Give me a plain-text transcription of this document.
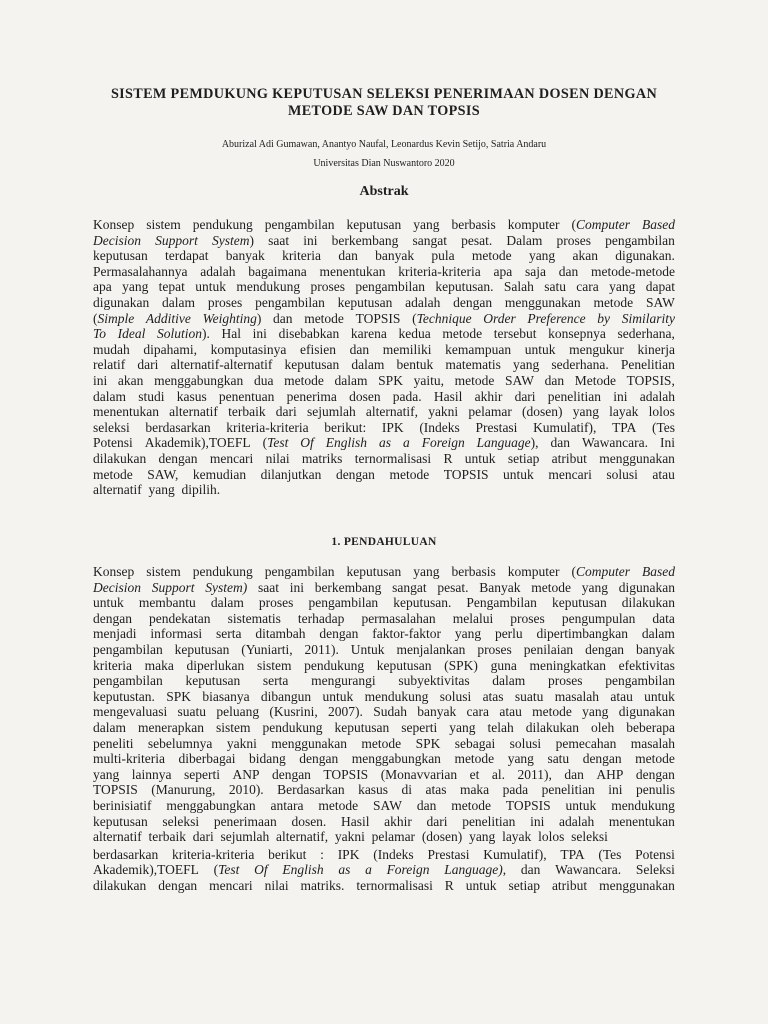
SISTEM PEMDUKUNG KEPUTUSAN SELEKSI PENERIMAAN DOSEN DENGAN
METODE SAW DAN TOPSIS
Aburizal Adi Gumawan, Anantyo Naufal, Leonardus Kevin Setijo, Satria Andaru
Universitas Dian Nuswantoro 2020
Abstrak
Konsep sistem pendukung pengambilan keputusan yang berbasis komputer (Computer Based
Decision Support System) saat ini berkembang sangat pesat. Dalam proses pengambilan
keputusan terdapat banyak kriteria dan banyak pula metode yang akan digunakan.
Permasalahannya adalah bagaimana menentukan kriteria-kriteria apa saja dan metode-metode
apa yang tepat untuk mendukung proses pengambilan keputusan. Salah satu cara yang dapat
digunakan dalam proses pengambilan keputusan adalah dengan menggunakan metode SAW
(Simple Additive Weighting) dan metode TOPSIS (Technique Order Preference by Similarity
To Ideal Solution). Hal ini disebabkan karena kedua metode tersebut konsepnya sederhana,
mudah dipahami, komputasinya efisien dan memiliki kemampuan untuk mengukur kinerja
relatif dari alternatif-alternatif keputusan dalam bentuk matematis yang sederhana. Penelitian
ini akan menggabungkan dua metode dalam SPK yaitu, metode SAW dan Metode TOPSIS,
dalam studi kasus penentuan penerima dosen pada. Hasil akhir dari penelitian ini adalah
menentukan alternatif terbaik dari sejumlah alternatif, yakni pelamar (dosen) yang layak lolos
seleksi berdasarkan kriteria-kriteria berikut: IPK (Indeks Prestasi Kumulatif), TPA (Tes
Potensi Akademik),TOEFL (Test Of English as a Foreign Language), dan Wawancara. Ini
dilakukan dengan mencari nilai matriks ternormalisasi R untuk setiap atribut menggunakan
metode SAW, kemudian dilanjutkan dengan metode TOPSIS untuk mencari solusi atau
alternatif yang dipilih.
1. PENDAHULUAN
Konsep sistem pendukung pengambilan keputusan yang berbasis komputer (Computer Based
Decision Support System) saat ini berkembang sangat pesat. Banyak metode yang digunakan
untuk membantu dalam proses pengambilan keputusan. Pengambilan keputusan dilakukan
dengan pendekatan sistematis terhadap permasalahan melalui proses pengumpulan data
menjadi informasi serta ditambah dengan faktor-faktor yang perlu dipertimbangkan dalam
pengambilan keputusan (Yuniarti, 2011). Untuk menjalankan proses penilaian dengan banyak
kriteria maka diperlukan sistem pendukung keputusan (SPK) guna meningkatkan efektivitas
pengambilan keputusan serta mengurangi subyektivitas dalam proses pengambilan
keputustan. SPK biasanya dibangun untuk mendukung solusi atas suatu masalah atau untuk
mengevaluasi suatu peluang (Kusrini, 2007). Sudah banyak cara atau metode yang digunakan
dalam menerapkan sistem pendukung keputusan seperti yang telah dilakukan oleh beberapa
peneliti sebelumnya yakni menggunakan metode SPK sebagai solusi pemecahan masalah
multi-kriteria diberbagai bidang dengan menggabungkan metode yang satu dengan metode
yang lainnya seperti ANP dengan TOPSIS (Monavvarian et al. 2011), dan AHP dengan
TOPSIS (Manurung, 2010). Berdasarkan kasus di atas maka pada penelitian ini penulis
berinisiatif menggabungkan antara metode SAW dan metode TOPSIS untuk mendukung
keputusan seleksi penerimaan dosen. Hasil akhir dari penelitian ini adalah menentukan
alternatif terbaik dari sejumlah alternatif, yakni pelamar (dosen) yang layak lolos seleksi
berdasarkan kriteria-kriteria berikut : IPK (Indeks Prestasi Kumulatif), TPA (Tes Potensi
Akademik),TOEFL (Test Of English as a Foreign Language), dan Wawancara. Seleksi
dilakukan dengan mencari nilai matriks. ternormalisasi R untuk setiap atribut menggunakan
